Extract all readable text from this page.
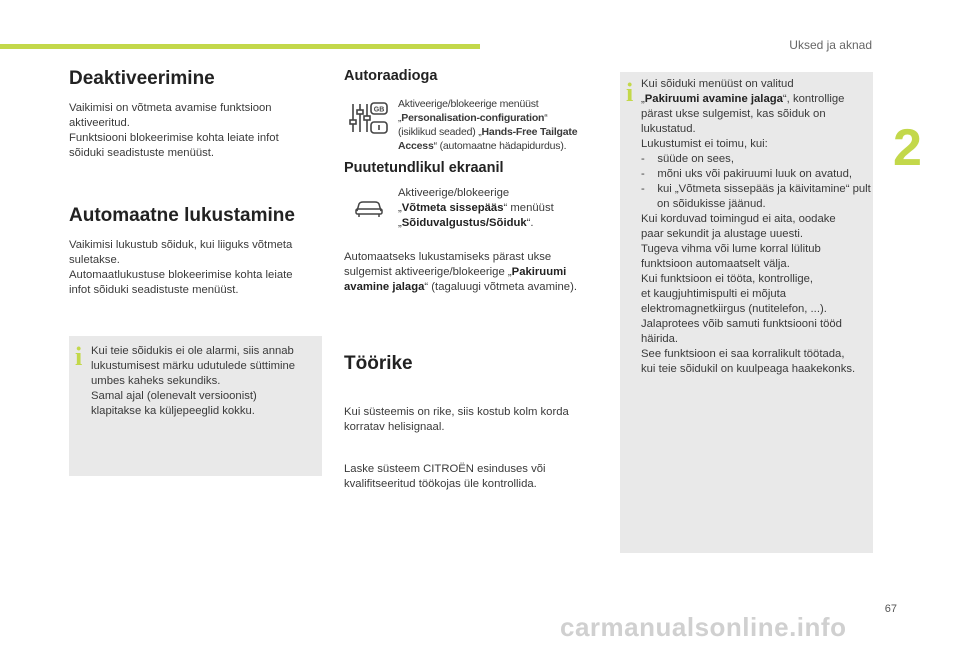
Uksed ja aknad
2
Deaktiveerimine
Vaikimisi on võtmeta avamise funktsioon
aktiveeritud.
Funktsiooni blokeerimise kohta leiate infot
sõiduki seadistuste menüüst.
Automaatne lukustamine
Vaikimisi lukustub sõiduk, kui liiguks võtmeta
suletakse.
Automaatlukustuse blokeerimise kohta leiate
infot sõiduki seadistuste menüüst.
i Kui teie sõidukis ei ole alarmi, siis annab
lukustumisest märku udutulede süttimine
umbes kaheks sekundiks.
Samal ajal (olenevalt versioonist)
klapitakse ka küljepeeglid kokku.
Autoraadioga
GB Aktiveerige/blokeerige menüüst
„Personalisation-configuration“
(isiklikud seaded) „Hands-Free Tailgate
Access“ (automaatne hädapidurdus).
Puutetundlikul ekraanil
Aktiveerige/blokeerige
„Võtmeta sissepääs“ menüüst
„Sõiduvalgustus/Sõiduk“.
Automaatseks lukustamiseks pärast ukse
sulgemist aktiveerige/blokeerige „Pakiruumi
avamine jalaga“ (tagaluugi võtmeta avamine).
Töörike
Kui süsteemis on rike, siis kostub kolm korda
korratav helisignaal.
Laske süsteem CITROËN esinduses või
kvalifitseeritud töökojas üle kontrollida.
i Kui sõiduki menüüst on valitud
„Pakiruumi avamine jalaga“, kontrollige
pärast ukse sulgemist, kas sõiduk on
lukustatud.
Lukustumist ei toimu, kui:
-    süüde on sees,
-    mõni uks või pakiruumi luuk on avatud,
-    kui „Võtmeta sissepääs ja käivitamine“ pult on sõidukisse jäänud.
Kui korduvad toimingud ei aita, oodake
paar sekundit ja alustage uuesti.
Tugeva vihma või lume korral lülitub
funktsioon automaatselt välja.
Kui funktsioon ei tööta, kontrollige,
et kaugjuhtimispulti ei mõjuta
elektromagnetkiirgus (nutitelefon, ...).
Jalaprotees võib samuti funktsiooni tööd
häirida.
See funktsioon ei saa korralikult töötada,
kui teie sõidukil on kuulpeaga haakekonks.
67
carmanualsonline.info
